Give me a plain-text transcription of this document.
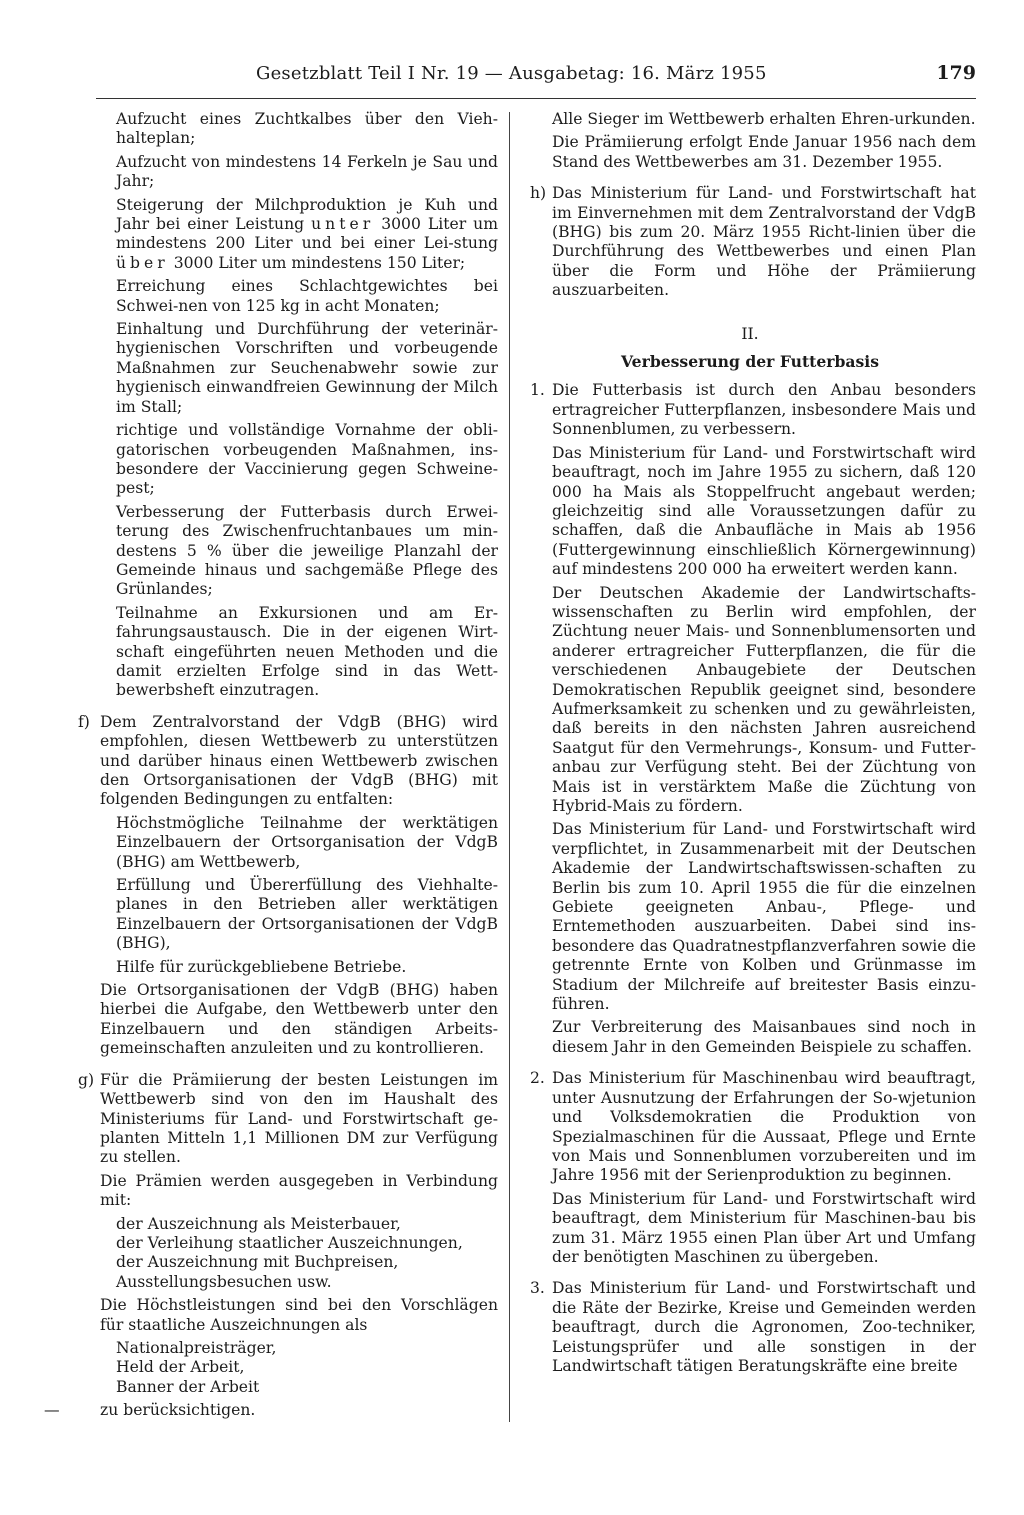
Gesetzblatt Teil I Nr. 19 — Ausgabetag: 16. März 1955	179

Aufzucht eines Zuchtkalbes über den Vieh-halteplan;

Aufzucht von mindestens 14 Ferkeln je Sau und Jahr;

Steigerung der Milchproduktion je Kuh und Jahr bei einer Leistung unter 3000 Liter um mindestens 200 Liter und bei einer Lei-stung über 3000 Liter um mindestens 150 Liter;

Erreichung eines Schlachtgewichtes bei Schwei-nen von 125 kg in acht Monaten;

Einhaltung und Durchführung der veterinär-hygienischen Vorschriften und vorbeugende Maßnahmen zur Seuchenabwehr sowie zur hygienisch einwandfreien Gewinnung der Milch im Stall;

richtige und vollständige Vornahme der obli-gatorischen vorbeugenden Maßnahmen, ins-besondere der Vaccinierung gegen Schweine-pest;

Verbesserung der Futterbasis durch Erwei-terung des Zwischenfruchtanbaues um min-destens 5 % über die jeweilige Planzahl der Gemeinde hinaus und sachgemäße Pflege des Grünlandes;

Teilnahme an Exkursionen und am Er-fahrungsaustausch. Die in der eigenen Wirt-schaft eingeführten neuen Methoden und die damit erzielten Erfolge sind in das Wett-bewerbsheft einzutragen.

f) Dem Zentralvorstand der VdgB (BHG) wird empfohlen, diesen Wettbewerb zu unterstützen und darüber hinaus einen Wettbewerb zwischen den Ortsorganisationen der VdgB (BHG) mit folgenden Bedingungen zu entfalten:

Höchstmögliche Teilnahme der werktätigen Einzelbauern der Ortsorganisation der VdgB (BHG) am Wettbewerb,

Erfüllung und Übererfüllung des Viehhalte-planes in den Betrieben aller werktätigen Einzelbauern der Ortsorganisationen der VdgB (BHG),

Hilfe für zurückgebliebene Betriebe.

Die Ortsorganisationen der VdgB (BHG) haben hierbei die Aufgabe, den Wettbewerb unter den Einzelbauern und den ständigen Arbeits-gemeinschaften anzuleiten und zu kontrollieren.

g) Für die Prämiierung der besten Leistungen im Wettbewerb sind von den im Haushalt des Ministeriums für Land- und Forstwirtschaft ge-planten Mitteln 1,1 Millionen DM zur Verfügung zu stellen.

Die Prämien werden ausgegeben in Verbindung mit:

der Auszeichnung als Meisterbauer,

der Verleihung staatlicher Auszeichnungen,

der Auszeichnung mit Buchpreisen,

Ausstellungsbesuchen usw.

Die Höchstleistungen sind bei den Vorschlägen für staatliche Auszeichnungen als

Nationalpreisträger,

Held der Arbeit,

Banner der Arbeit

—	zu berücksichtigen.

Alle Sieger im Wettbewerb erhalten Ehren-urkunden.

Die Prämiierung erfolgt Ende Januar 1956 nach dem Stand des Wettbewerbes am 31. Dezember 1955.

h) Das Ministerium für Land- und Forstwirtschaft hat im Einvernehmen mit dem Zentralvorstand der VdgB (BHG) bis zum 20. März 1955 Richt-linien über die Durchführung des Wettbewerbes und einen Plan über die Form und Höhe der Prämiierung auszuarbeiten.

II.

Verbesserung der Futterbasis

1. Die Futterbasis ist durch den Anbau besonders ertragreicher Futterpflanzen, insbesondere Mais und Sonnenblumen, zu verbessern.

Das Ministerium für Land- und Forstwirtschaft wird beauftragt, noch im Jahre 1955 zu sichern, daß 120 000 ha Mais als Stoppelfrucht angebaut werden; gleichzeitig sind alle Voraussetzungen dafür zu schaffen, daß die Anbaufläche in Mais ab 1956 (Futtergewinnung einschließlich Körnergewinnung) auf mindestens 200 000 ha erweitert werden kann.

Der Deutschen Akademie der Landwirtschafts-wissenschaften zu Berlin wird empfohlen, der Züchtung neuer Mais- und Sonnenblumensorten und anderer ertragreicher Futterpflanzen, die für die verschiedenen Anbaugebiete der Deutschen Demokratischen Republik geeignet sind, besondere Aufmerksamkeit zu schenken und zu gewährleisten, daß bereits in den nächsten Jahren ausreichend Saatgut für den Vermehrungs-, Konsum- und Futter-anbau zur Verfügung steht. Bei der Züchtung von Mais ist in verstärktem Maße die Züchtung von Hybrid-Mais zu fördern.

Das Ministerium für Land- und Forstwirtschaft wird verpflichtet, in Zusammenarbeit mit der Deutschen Akademie der Landwirtschaftswissen-schaften zu Berlin bis zum 10. April 1955 die für die einzelnen Gebiete geeigneten Anbau-, Pflege- und Erntemethoden auszuarbeiten. Dabei sind ins-besondere das Quadratnestpflanzverfahren sowie die getrennte Ernte von Kolben und Grünmasse im Stadium der Milchreife auf breitester Basis einzu-führen.

Zur Verbreiterung des Maisanbaues sind noch in diesem Jahr in den Gemeinden Beispiele zu schaffen.

2. Das Ministerium für Maschinenbau wird beauftragt, unter Ausnutzung der Erfahrungen der So-wjetunion und Volksdemokratien die Produktion von Spezialmaschinen für die Aussaat, Pflege und Ernte von Mais und Sonnenblumen vorzubereiten und im Jahre 1956 mit der Serienproduktion zu beginnen.

Das Ministerium für Land- und Forstwirtschaft wird beauftragt, dem Ministerium für Maschinen-bau bis zum 31. März 1955 einen Plan über Art und Umfang der benötigten Maschinen zu übergeben.

3. Das Ministerium für Land- und Forstwirtschaft und die Räte der Bezirke, Kreise und Gemeinden werden beauftragt, durch die Agronomen, Zoo-techniker, Leistungsprüfer und alle sonstigen in der Landwirtschaft tätigen Beratungskräfte eine breite
